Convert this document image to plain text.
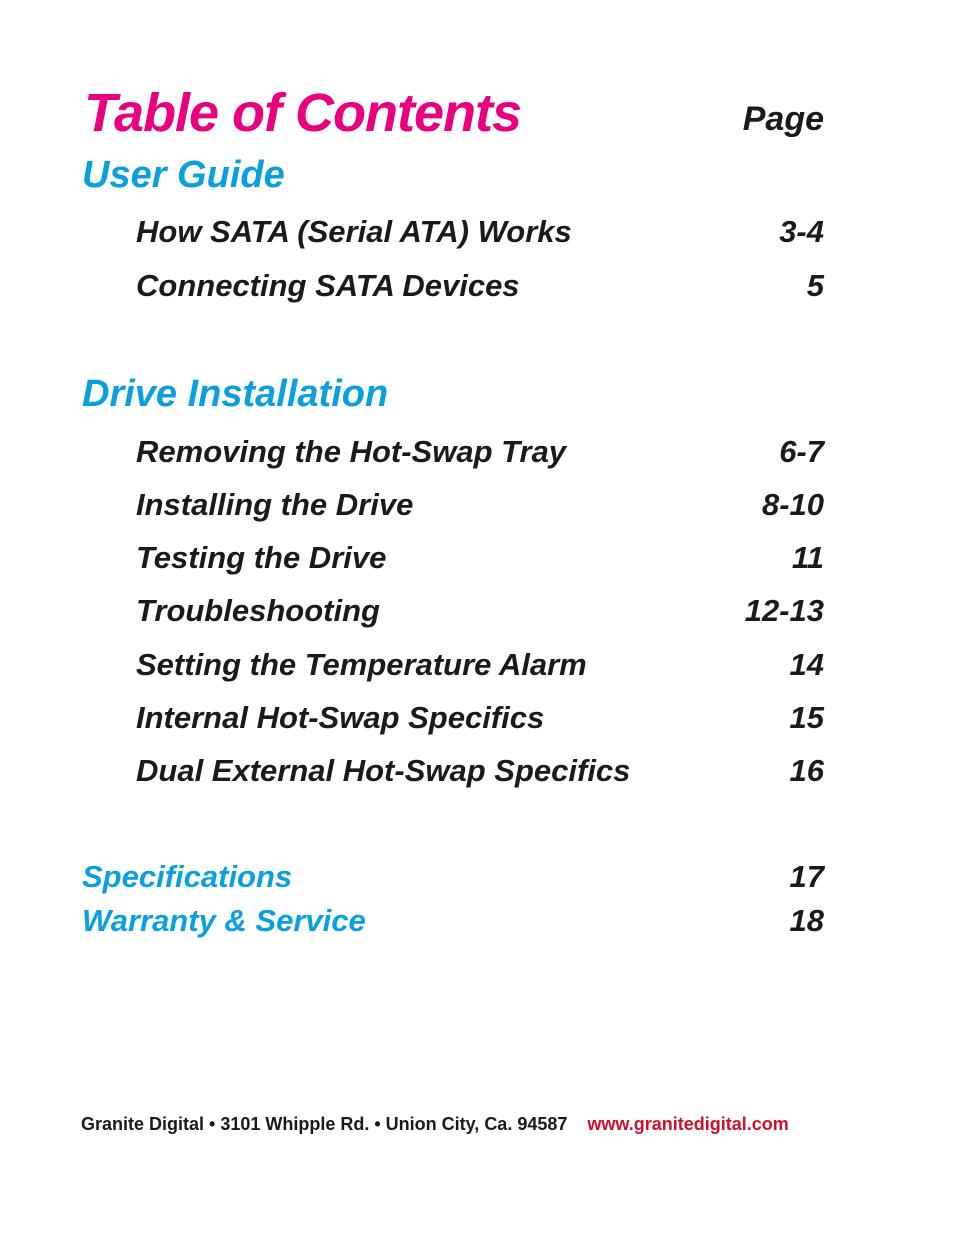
Table of Contents	Page
User Guide
How SATA (Serial ATA) Works	3-4
Connecting SATA Devices	5
Drive Installation
Removing the Hot-Swap Tray	6-7
Installing the Drive	8-10
Testing the Drive	11
Troubleshooting	12-13
Setting the Temperature Alarm	14
Internal Hot-Swap Specifics	15
Dual External Hot-Swap Specifics	16
Specifications	17
Warranty & Service	18
Granite Digital • 3101 Whipple Rd. • Union City, Ca. 94587 www.granitedigital.com
